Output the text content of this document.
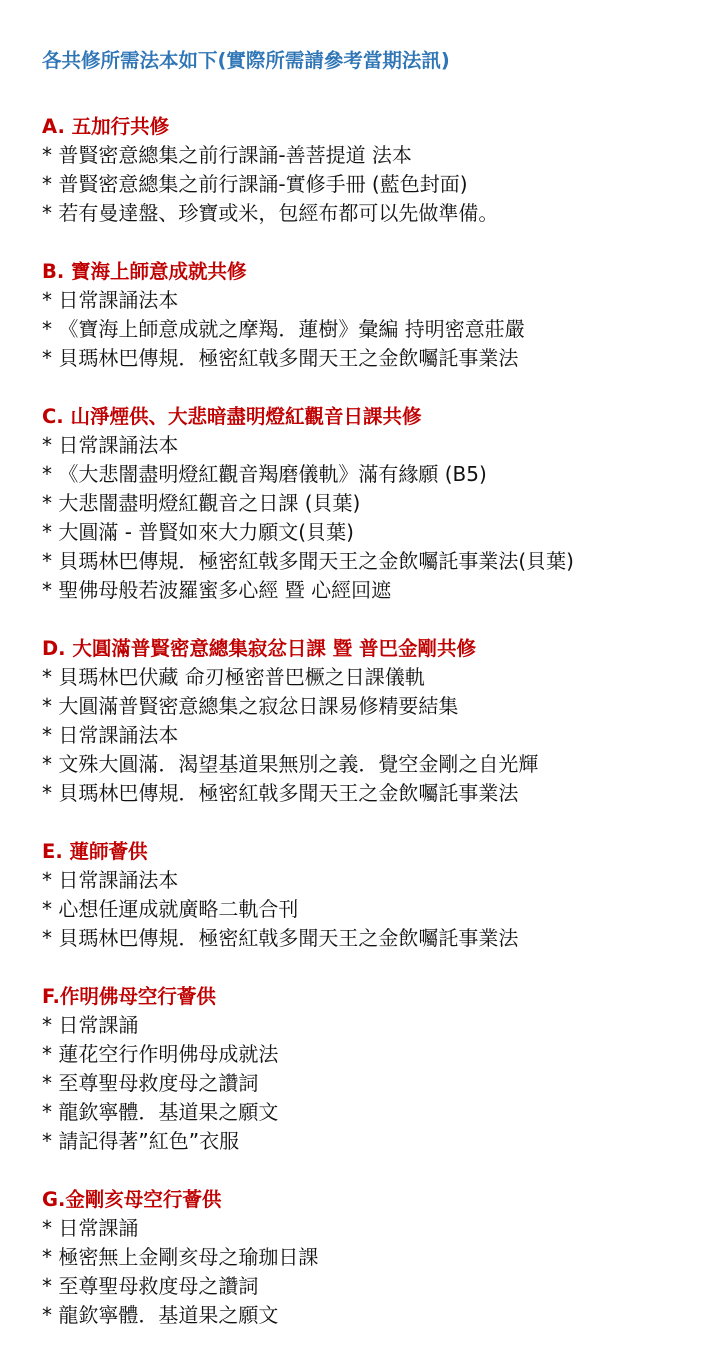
各共修所需法本如下(實際所需請參考當期法訊)
A. 五加行共修
* 普賢密意總集之前行課誦-善菩提道 法本
* 普賢密意總集之前行課誦-實修手冊 (藍色封面)
* 若有曼達盤、珍寶或米，包經布都可以先做準備。
B. 寶海上師意成就共修
* 日常課誦法本
* 《寶海上師意成就之摩羯．蓮樹》彙編 持明密意莊嚴
* 貝瑪林巴傳規．極密紅戟多聞天王之金飲囑託事業法
C. 山淨煙供、大悲暗盡明燈紅觀音日課共修
* 日常課誦法本
* 《大悲闇盡明燈紅觀音羯磨儀軌》滿有緣願 (B5)
* 大悲闇盡明燈紅觀音之日課 (貝葉)
* 大圓滿 - 普賢如來大力願文(貝葉)
* 貝瑪林巴傳規．極密紅戟多聞天王之金飲囑託事業法(貝葉)
* 聖佛母般若波羅蜜多心經 暨 心經回遮
D. 大圓滿普賢密意總集寂忿日課 暨 普巴金剛共修
* 貝瑪林巴伏藏 命刃極密普巴橛之日課儀軌
* 大圓滿普賢密意總集之寂忿日課易修精要結集
* 日常課誦法本
* 文殊大圓滿．渴望基道果無別之義．覺空金剛之自光輝
* 貝瑪林巴傳規．極密紅戟多聞天王之金飲囑託事業法
E. 蓮師薈供
* 日常課誦法本
* 心想任運成就廣略二軌合刊
* 貝瑪林巴傳規．極密紅戟多聞天王之金飲囑託事業法
F.作明佛母空行薈供
* 日常課誦
* 蓮花空行作明佛母成就法
* 至尊聖母救度母之讚詞
* 龍欽寧體．基道果之願文
* 請記得著”紅色”衣服
G.金剛亥母空行薈供
* 日常課誦
* 極密無上金剛亥母之瑜珈日課
* 至尊聖母救度母之讚詞
* 龍欽寧體．基道果之願文
